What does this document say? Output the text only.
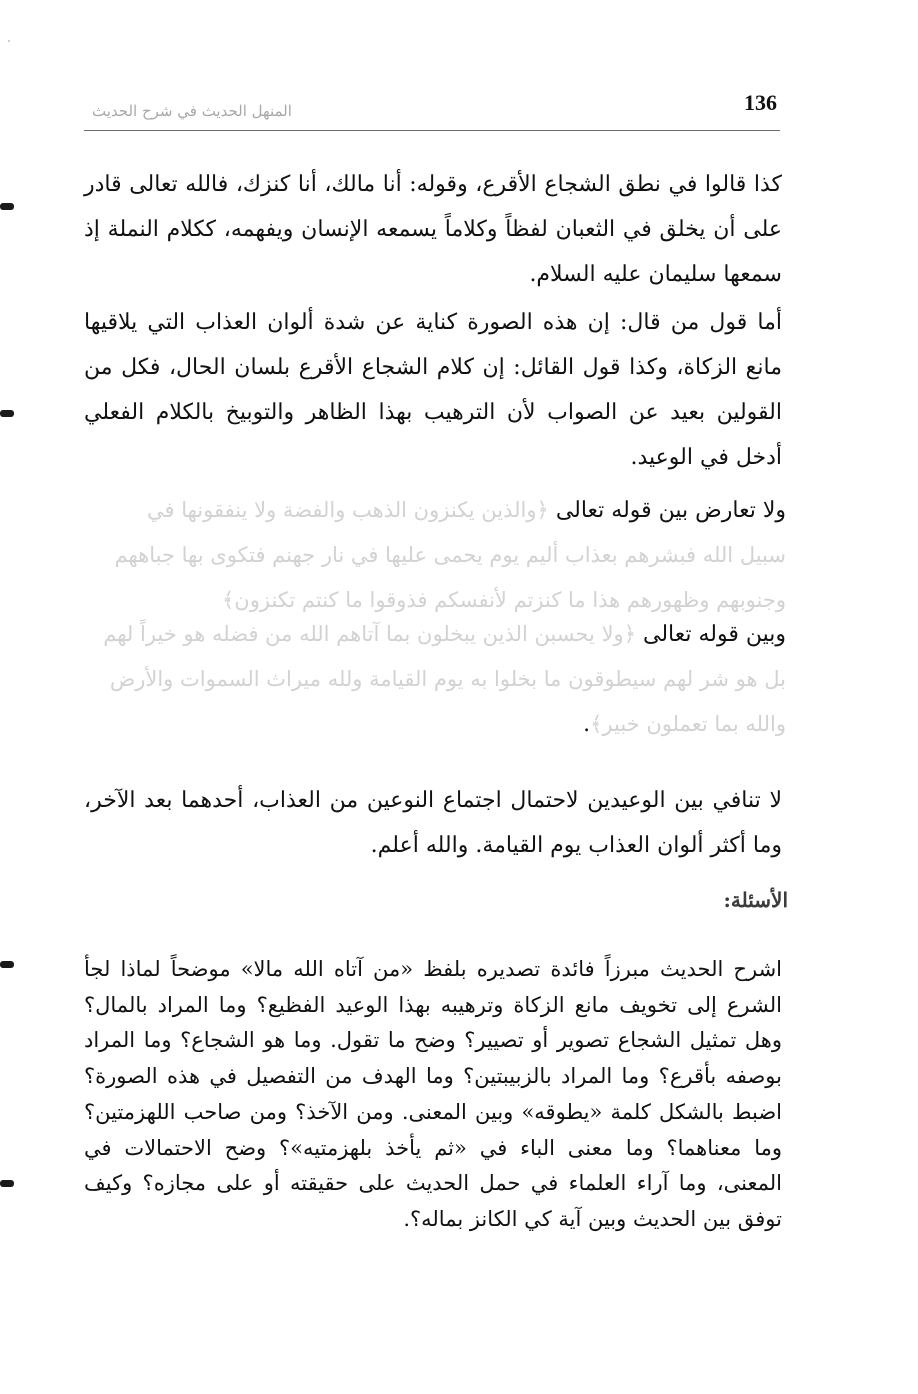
136

المنهل الحديث في شرح الحديث

كذا قالوا في نطق الشجاع الأقرع، وقوله: أنا مالك، أنا كنزك، فالله تعالى قادر على أن يخلق في الثعبان لفظاً وكلاماً يسمعه الإنسان ويفهمه، ككلام النملة إذ سمعها سليمان عليه السلام.

أما قول من قال: إن هذه الصورة كناية عن شدة ألوان العذاب التي يلاقيها مانع الزكاة، وكذا قول القائل: إن كلام الشجاع الأقرع بلسان الحال، فكل من القولين بعيد عن الصواب لأن الترهيب بهذا الظاهر والتوبيخ بالكلام الفعلي أدخل في الوعيد.

ولا تعارض بين قوله تعالى ﴿والذين يكنزون الذهب والفضة ولا ينفقونها في سبيل الله فبشرهم بعذاب أليم يوم يحمى عليها في نار جهنم فتكوى بها جباههم وجنوبهم وظهورهم هذا ما كنزتم لأنفسكم فذوقوا ما كنتم تكنزون﴾

وبين قوله تعالى ﴿ولا يحسبن الذين يبخلون بما آتاهم الله من فضله هو خيراً لهم بل هو شر لهم سيطوقون ما بخلوا به يوم القيامة ولله ميراث السموات والأرض والله بما تعملون خبير﴾.

لا تنافي بين الوعيدين لاحتمال اجتماع النوعين من العذاب، أحدهما بعد الآخر، وما أكثر ألوان العذاب يوم القيامة. والله أعلم.

الأسئلة:

اشرح الحديث مبرزاً فائدة تصديره بلفظ «من آتاه الله مالا» موضحاً لماذا لجأ الشرع إلى تخويف مانع الزكاة وترهيبه بهذا الوعيد الفظيع؟ وما المراد بالمال؟ وهل تمثيل الشجاع تصوير أو تصيير؟ وضح ما تقول. وما هو الشجاع؟ وما المراد بوصفه بأقرع؟ وما المراد بالزبيبتين؟ وما الهدف من التفصيل في هذه الصورة؟ اضبط بالشكل كلمة «يطوقه» وبين المعنى. ومن الآخذ؟ ومن صاحب اللهزمتين؟ وما معناهما؟ وما معنى الباء في «ثم يأخذ بلهزمتيه»؟ وضح الاحتمالات في المعنى، وما آراء العلماء في حمل الحديث على حقيقته أو على مجازه؟ وكيف توفق بين الحديث وبين آية كي الكانز بماله؟.
